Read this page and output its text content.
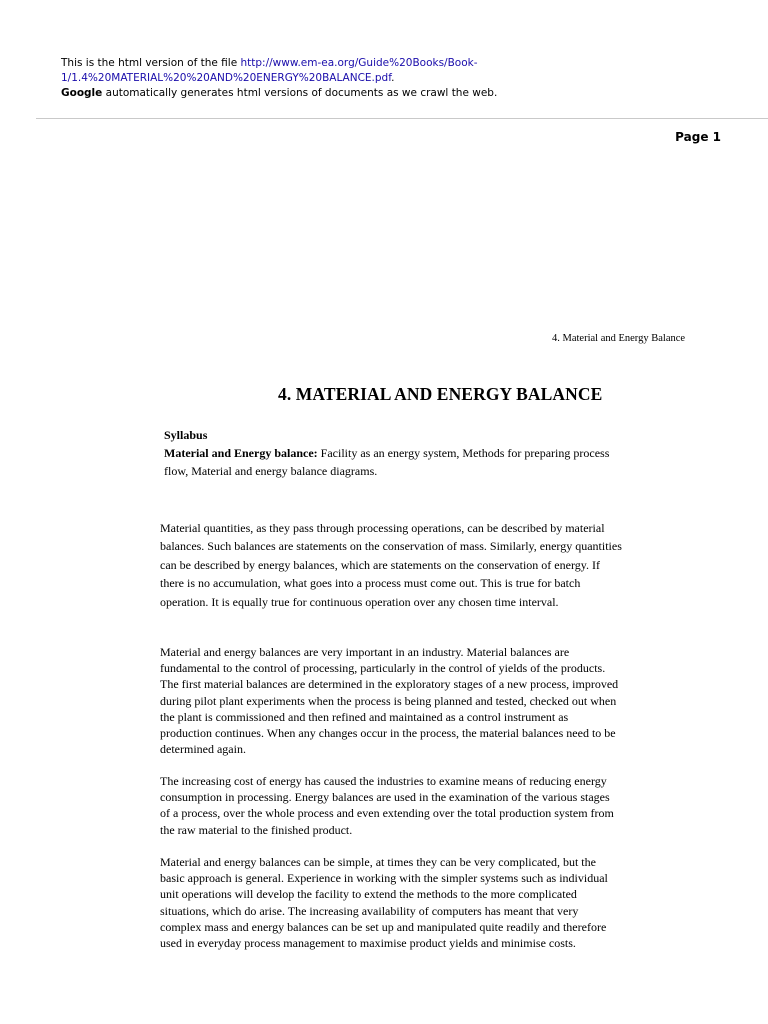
This is the html version of the file http://www.em-ea.org/Guide%20Books/Book-1/1.4%20MATERIAL%20%20AND%20ENERGY%20BALANCE.pdf.
Google automatically generates html versions of documents as we crawl the web.
Page 1
4. Material and Energy Balance
4. MATERIAL AND ENERGY BALANCE
Syllabus
Material and Energy balance: Facility as an energy system, Methods for preparing process flow, Material and energy balance diagrams.
Material quantities, as they pass through processing operations, can be described by material balances. Such balances are statements on the conservation of mass. Similarly, energy quantities can be described by energy balances, which are statements on the conservation of energy. If there is no accumulation, what goes into a process must come out. This is true for batch operation. It is equally true for continuous operation over any chosen time interval.
Material and energy balances are very important in an industry. Material balances are fundamental to the control of processing, particularly in the control of yields of the products. The first material balances are determined in the exploratory stages of a new process, improved during pilot plant experiments when the process is being planned and tested, checked out when the plant is commissioned and then refined and maintained as a control instrument as production continues. When any changes occur in the process, the material balances need to be determined again.
The increasing cost of energy has caused the industries to examine means of reducing energy consumption in processing. Energy balances are used in the examination of the various stages of a process, over the whole process and even extending over the total production system from the raw material to the finished product.
Material and energy balances can be simple, at times they can be very complicated, but the basic approach is general. Experience in working with the simpler systems such as individual unit operations will develop the facility to extend the methods to the more complicated situations, which do arise. The increasing availability of computers has meant that very complex mass and energy balances can be set up and manipulated quite readily and therefore used in everyday process management to maximise product yields and minimise costs.
